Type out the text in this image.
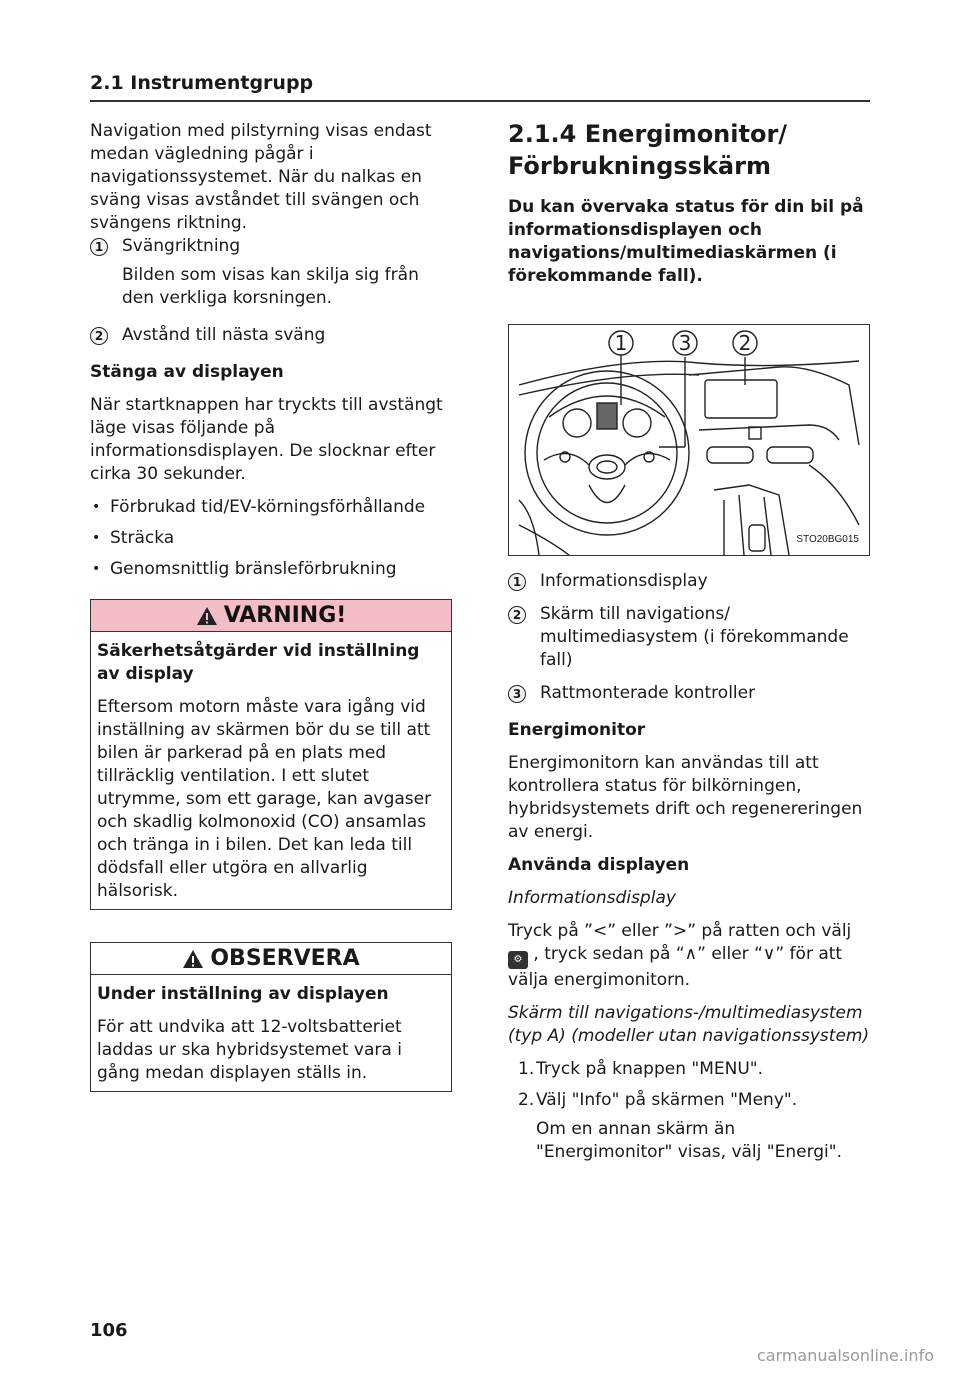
2.1 Instrumentgrupp

Navigation med pilstyrning visas endast medan vägledning pågår i navigationssystemet. När du nalkas en sväng visas avståndet till svängen och svängens riktning.

1 Svängriktning
Bilden som visas kan skilja sig från den verkliga korsningen.
2 Avstånd till nästa sväng

Stänga av displayen

När startknappen har tryckts till avstängt läge visas följande på informationsdisplayen. De slocknar efter cirka 30 sekunder.

• Förbrukad tid/EV-körningsförhållande
• Sträcka
• Genomsnittlig bränsleförbrukning
VARNING!

Säkerhetsåtgärder vid inställning av display

Eftersom motorn måste vara igång vid inställning av skärmen bör du se till att bilen är parkerad på en plats med tillräcklig ventilation. I ett slutet utrymme, som ett garage, kan avgaser och skadlig kolmonoxid (CO) ansamlas och tränga in i bilen. Det kan leda till dödsfall eller utgöra en allvarlig hälsorisk.

OBSERVERA

Under inställning av displayen

För att undvika att 12-voltsbatteriet laddas ur ska hybridsystemet vara i gång medan displayen ställs in.

2.1.4 Energimonitor/ Förbrukningsskärm

Du kan övervaka status för din bil på informationsdisplayen och navigations/multimediaskärmen (i förekommande fall).

1	3 2
STO20BG015
1 Informationsdisplay
2 Skärm till navigations/ multimediasystem (i förekommande fall)
3 Rattmonterade kontroller

Energimonitor

Energimonitorn kan användas till att kontrollera status för bilkörningen, hybridsystemets drift och regenereringen av energi.

Använda displayen

Informationsdisplay

Tryck på ”<” eller ”>” på ratten och välj ⚙ , tryck sedan på “∧” eller “∨” för att välja energimonitorn.

Skärm till navigations-/multimediasystem (typ A) (modeller utan navigationssystem)

1. Tryck på knappen "MENU".
2. Välj "Info" på skärmen "Meny".
Om en annan skärm än "Energimonitor" visas, välj "Energi".
106
carmanualsonline.info
